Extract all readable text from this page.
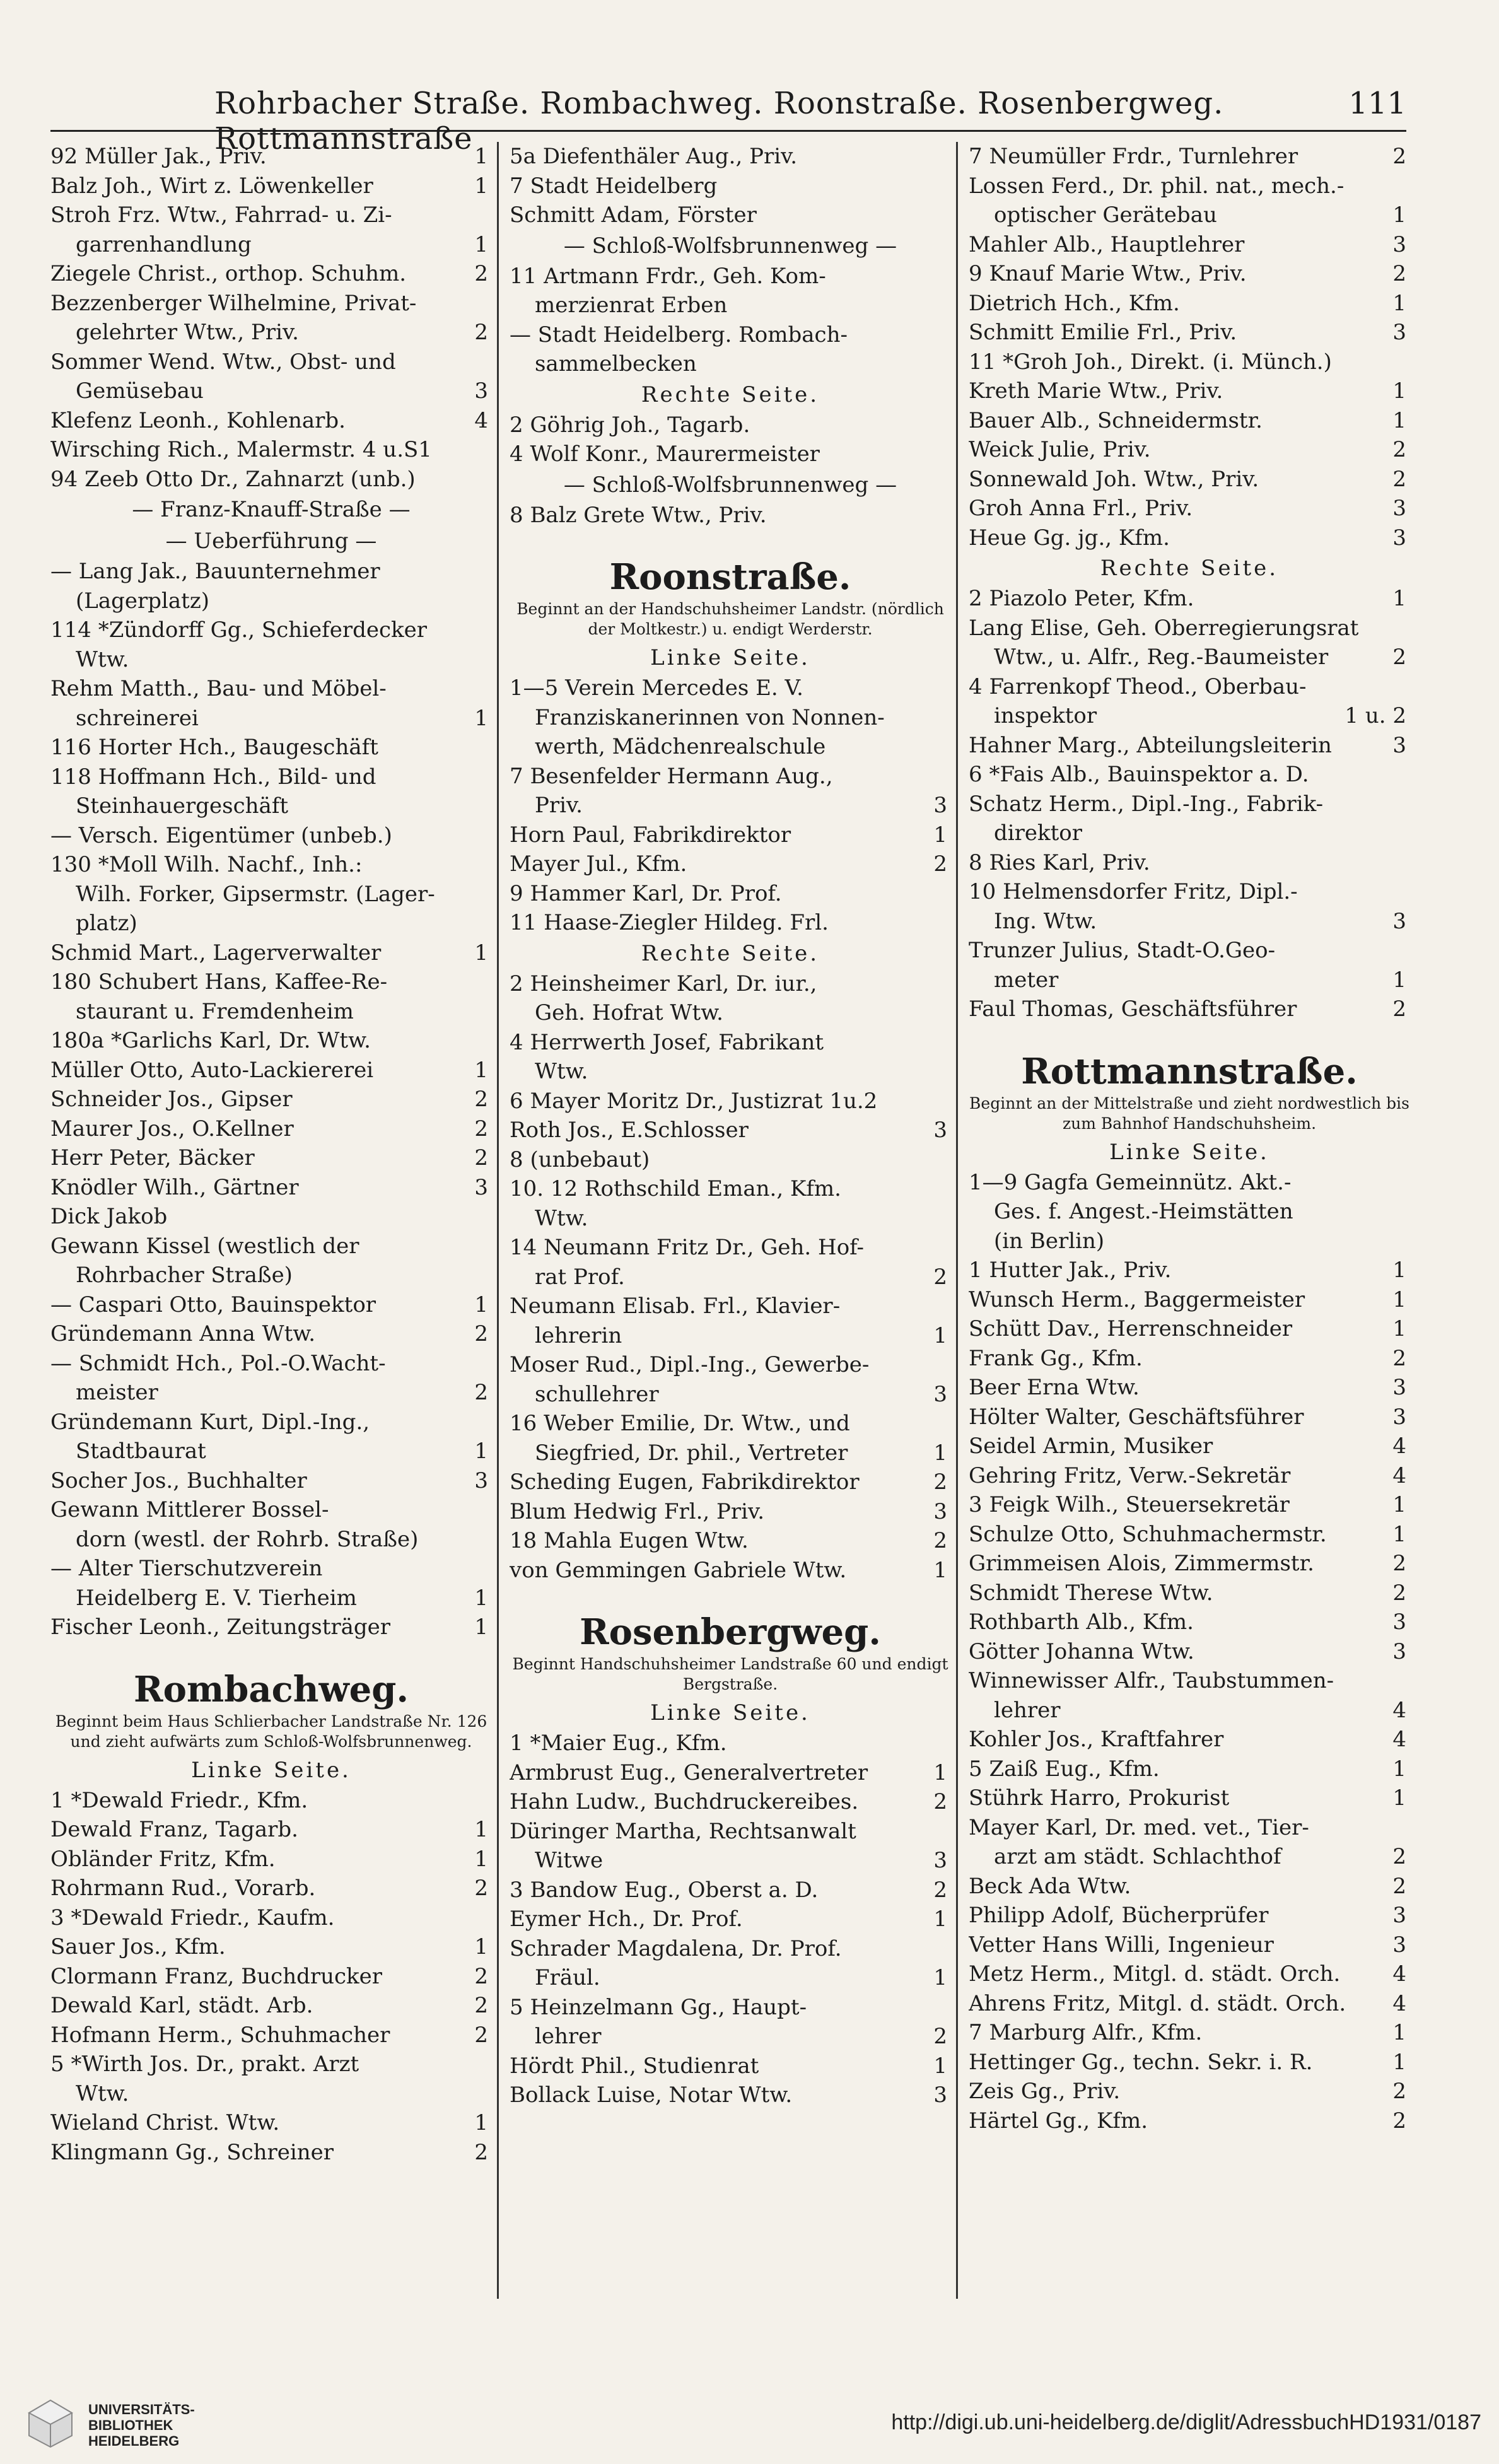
Rohrbacher Straße. Rombachweg. Roonstraße. Rosenbergweg. Rottmannstraße
111
92 Müller Jak., Priv.	1
Balz Joh., Wirt z. Löwenkeller	1
Stroh Frz. Wtw., Fahrrad- u. Zi-
garrenhandlung	1
Ziegele Christ., orthop. Schuhm.	2
Bezzenberger Wilhelmine, Privat-
gelehrter Wtw., Priv.	2
Sommer Wend. Wtw., Obst- und
Gemüsebau	3
Klefenz Leonh., Kohlenarb.	4
Wirsching Rich., Malermstr. 4 u.S1
94 Zeeb Otto Dr., Zahnarzt (unb.)
— Franz-Knauff-Straße —
— Ueberführung —
— Lang Jak., Bauunternehmer
(Lagerplatz)
114 *Zündorff Gg., Schieferdecker
Wtw.
Rehm Matth., Bau- und Möbel-
schreinerei	1
116 Horter Hch., Baugeschäft
118 Hoffmann Hch., Bild- und
Steinhauergeschäft
— Versch. Eigentümer (unbeb.)
130 *Moll Wilh. Nachf., Inh.:
Wilh. Forker, Gipsermstr. (Lager-
platz)
Schmid Mart., Lagerverwalter	1
180 Schubert Hans, Kaffee-Re-
staurant u. Fremdenheim
180a *Garlichs Karl, Dr. Wtw.
Müller Otto, Auto-Lackiererei	1
Schneider Jos., Gipser	2
Maurer Jos., O.Kellner	2
Herr Peter, Bäcker	2
Knödler Wilh., Gärtner	3
Dick Jakob
Gewann Kissel (westlich der
Rohrbacher Straße)
— Caspari Otto, Bauinspektor	1
Gründemann Anna Wtw.	2
— Schmidt Hch., Pol.-O.Wacht-
meister	2
Gründemann Kurt, Dipl.-Ing.,
Stadtbaurat	1
Socher Jos., Buchhalter	3
Gewann Mittlerer Bossel-
dorn (westl. der Rohrb. Straße)
— Alter Tierschutzverein
Heidelberg E. V. Tierheim	1
Fischer Leonh., Zeitungsträger	1
Rombachweg.
Beginnt beim Haus Schlierbacher Landstraße Nr. 126 und zieht aufwärts zum Schloß-Wolfsbrunnenweg.
Linke Seite.
1 *Dewald Friedr., Kfm.
Dewald Franz, Tagarb.	1
Obländer Fritz, Kfm.	1
Rohrmann Rud., Vorarb.	2
3 *Dewald Friedr., Kaufm.
Sauer Jos., Kfm.	1
Clormann Franz, Buchdrucker	2
Dewald Karl, städt. Arb.	2
Hofmann Herm., Schuhmacher	2
5 *Wirth Jos. Dr., prakt. Arzt
Wtw.
Wieland Christ. Wtw.	1
Klingmann Gg., Schreiner	2
5a Diefenthäler Aug., Priv.
7 Stadt Heidelberg
Schmitt Adam, Förster
— Schloß-Wolfsbrunnenweg —
11 Artmann Frdr., Geh. Kom-
merzienrat Erben
— Stadt Heidelberg. Rombach-
sammelbecken
Rechte Seite.
2 Göhrig Joh., Tagarb.
4 Wolf Konr., Maurermeister
— Schloß-Wolfsbrunnenweg —
8 Balz Grete Wtw., Priv.
Roonstraße.
Beginnt an der Handschuhsheimer Landstr. (nördlich der Moltkestr.) u. endigt Werderstr.
Linke Seite.
1—5 Verein Mercedes E. V.
Franziskanerinnen von Nonnen-
werth, Mädchenrealschule
7 Besenfelder Hermann Aug.,
Priv.	3
Horn Paul, Fabrikdirektor	1
Mayer Jul., Kfm.	2
9 Hammer Karl, Dr. Prof.
11 Haase-Ziegler Hildeg. Frl.
Rechte Seite.
2 Heinsheimer Karl, Dr. iur.,
Geh. Hofrat Wtw.
4 Herrwerth Josef, Fabrikant
Wtw.
6 Mayer Moritz Dr., Justizrat 1u.2
Roth Jos., E.Schlosser	3
8 (unbebaut)
10. 12 Rothschild Eman., Kfm.
Wtw.
14 Neumann Fritz Dr., Geh. Hof-
rat Prof.	2
Neumann Elisab. Frl., Klavier-
lehrerin	1
Moser Rud., Dipl.-Ing., Gewerbe-
schullehrer	3
16 Weber Emilie, Dr. Wtw., und
Siegfried, Dr. phil., Vertreter	1
Scheding Eugen, Fabrikdirektor	2
Blum Hedwig Frl., Priv.	3
18 Mahla Eugen Wtw.	2
von Gemmingen Gabriele Wtw.	1
Rosenbergweg.
Beginnt Handschuhsheimer Landstraße 60 und endigt Bergstraße.
Linke Seite.
1 *Maier Eug., Kfm.
Armbrust Eug., Generalvertreter	1
Hahn Ludw., Buchdruckereibes.	2
Düringer Martha, Rechtsanwalt
Witwe	3
3 Bandow Eug., Oberst a. D.	2
Eymer Hch., Dr. Prof.	1
Schrader Magdalena, Dr. Prof.
Fräul.	1
5 Heinzelmann Gg., Haupt-
lehrer	2
Hördt Phil., Studienrat	1
Bollack Luise, Notar Wtw.	3
7 Neumüller Frdr., Turnlehrer	2
Lossen Ferd., Dr. phil. nat., mech.-
optischer Gerätebau	1
Mahler Alb., Hauptlehrer	3
9 Knauf Marie Wtw., Priv.	2
Dietrich Hch., Kfm.	1
Schmitt Emilie Frl., Priv.	3
11 *Groh Joh., Direkt. (i. Münch.)
Kreth Marie Wtw., Priv.	1
Bauer Alb., Schneidermstr.	1
Weick Julie, Priv.	2
Sonnewald Joh. Wtw., Priv.	2
Groh Anna Frl., Priv.	3
Heue Gg. jg., Kfm.	3
Rechte Seite.
2 Piazolo Peter, Kfm.	1
Lang Elise, Geh. Oberregierungsrat
Wtw., u. Alfr., Reg.-Baumeister	2
4 Farrenkopf Theod., Oberbau-
inspektor	1 u. 2
Hahner Marg., Abteilungsleiterin	3
6 *Fais Alb., Bauinspektor a. D.
Schatz Herm., Dipl.-Ing., Fabrik-
direktor
8 Ries Karl, Priv.
10 Helmensdorfer Fritz, Dipl.-
Ing. Wtw.	3
Trunzer Julius, Stadt-O.Geo-
meter	1
Faul Thomas, Geschäftsführer	2
Rottmannstraße.
Beginnt an der Mittelstraße und zieht nordwestlich bis zum Bahnhof Handschuhsheim.
Linke Seite.
1—9 Gagfa Gemeinnütz. Akt.-
Ges. f. Angest.-Heimstätten
(in Berlin)
1 Hutter Jak., Priv.	1
Wunsch Herm., Baggermeister	1
Schütt Dav., Herrenschneider	1
Frank Gg., Kfm.	2
Beer Erna Wtw.	3
Hölter Walter, Geschäftsführer	3
Seidel Armin, Musiker	4
Gehring Fritz, Verw.-Sekretär	4
3 Feigk Wilh., Steuersekretär	1
Schulze Otto, Schuhmachermstr.	1
Grimmeisen Alois, Zimmermstr.	2
Schmidt Therese Wtw.	2
Rothbarth Alb., Kfm.	3
Götter Johanna Wtw.	3
Winnewisser Alfr., Taubstummen-
lehrer	4
Kohler Jos., Kraftfahrer	4
5 Zaiß Eug., Kfm.	1
Stührk Harro, Prokurist	1
Mayer Karl, Dr. med. vet., Tier-
arzt am städt. Schlachthof	2
Beck Ada Wtw.	2
Philipp Adolf, Bücherprüfer	3
Vetter Hans Willi, Ingenieur	3
Metz Herm., Mitgl. d. städt. Orch. 4
Ahrens Fritz, Mitgl. d. städt. Orch. 4
7 Marburg Alfr., Kfm.	1
Hettinger Gg., techn. Sekr. i. R.	1
Zeis Gg., Priv.	2
Härtel Gg., Kfm.	2
UNIVERSITÄTS-
BIBLIOTHEK
HEIDELBERG
http://digi.ub.uni-heidelberg.de/diglit/AdressbuchHD1931/0187
